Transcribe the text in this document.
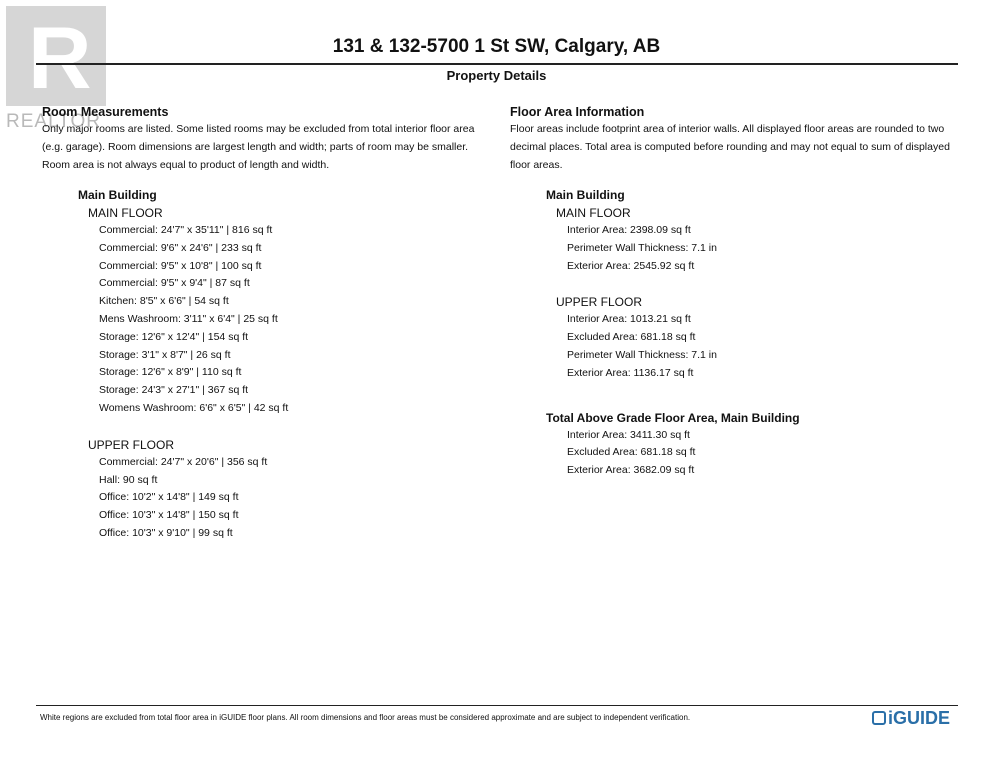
R
REALTOR
131 & 132-5700 1 St SW, Calgary, AB
Property Details
Room Measurements
Only major rooms are listed. Some listed rooms may be excluded from total interior floor area (e.g. garage). Room dimensions are largest length and width; parts of room may be smaller. Room area is not always equal to product of length and width.
Main Building
MAIN FLOOR
Commercial: 24'7" x 35'11" | 816 sq ft
Commercial: 9'6" x 24'6" | 233 sq ft
Commercial: 9'5" x 10'8" | 100 sq ft
Commercial: 9'5" x 9'4" | 87 sq ft
Kitchen: 8'5" x 6'6" | 54 sq ft
Mens Washroom: 3'11" x 6'4" | 25 sq ft
Storage: 12'6" x 12'4" | 154 sq ft
Storage: 3'1" x 8'7" | 26 sq ft
Storage: 12'6" x 8'9" | 110 sq ft
Storage: 24'3" x 27'1" | 367 sq ft
Womens Washroom: 6'6" x 6'5" | 42 sq ft
UPPER FLOOR
Commercial: 24'7" x 20'6" | 356 sq ft
Hall: 90 sq ft
Office: 10'2" x 14'8" | 149 sq ft
Office: 10'3" x 14'8" | 150 sq ft
Office: 10'3" x 9'10" | 99 sq ft
Floor Area Information
Floor areas include footprint area of interior walls. All displayed floor areas are rounded to two decimal places. Total area is computed before rounding and may not equal to sum of displayed floor areas.
Main Building
MAIN FLOOR
Interior Area: 2398.09 sq ft
Perimeter Wall Thickness: 7.1 in
Exterior Area: 2545.92 sq ft
UPPER FLOOR
Interior Area: 1013.21 sq ft
Excluded Area: 681.18 sq ft
Perimeter Wall Thickness: 7.1 in
Exterior Area: 1136.17 sq ft
Total Above Grade Floor Area, Main Building
Interior Area: 3411.30 sq ft
Excluded Area: 681.18 sq ft
Exterior Area: 3682.09 sq ft
White regions are excluded from total floor area in iGUIDE floor plans. All room dimensions and floor areas must be considered approximate and are subject to independent verification.	iGUIDE
